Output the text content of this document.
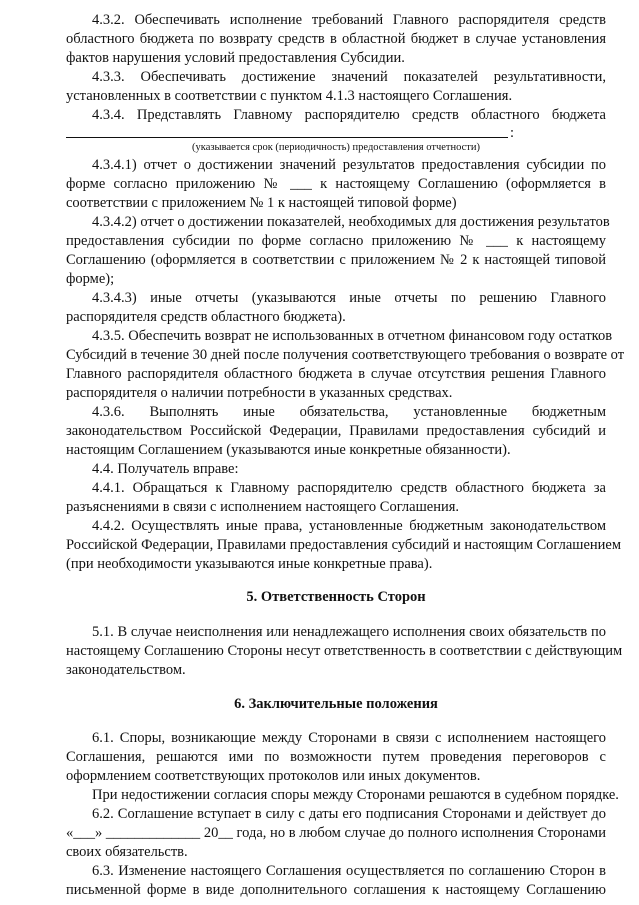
4.3.2. Обеспечивать исполнение требований Главного распорядителя средств
областного бюджета по возврату средств в областной бюджет в случае установления
фактов нарушения условий предоставления Субсидии.
4.3.3. Обеспечивать достижение значений показателей результативности,
установленных в соответствии с пунктом 4.1.3 настоящего Соглашения.
4.3.4. Представлять Главному распорядителю средств областного бюджета
:
(указывается срок (периодичность) предоставления отчетности)
4.3.4.1) отчет о достижении значений результатов предоставления субсидии по
форме согласно приложению № ___ к настоящему Соглашению (оформляется в
соответствии с приложением № 1 к настоящей типовой форме)
4.3.4.2) отчет о достижении показателей, необходимых для достижения результатов
предоставления субсидии по форме согласно приложению № ___ к настоящему
Соглашению (оформляется в соответствии с приложением № 2 к настоящей типовой
форме);
4.3.4.3) иные отчеты (указываются иные отчеты по решению Главного
распорядителя средств областного бюджета).
4.3.5. Обеспечить возврат не использованных в отчетном финансовом году остатков
Субсидий в течение 30 дней после получения соответствующего требования о возврате от
Главного распорядителя областного бюджета в случае отсутствия решения Главного
распорядителя о наличии потребности в указанных средствах.
4.3.6. Выполнять иные обязательства, установленные бюджетным
законодательством Российской Федерации, Правилами предоставления субсидий и
настоящим Соглашением (указываются иные конкретные обязанности).
4.4. Получатель вправе:
4.4.1. Обращаться к Главному распорядителю средств областного бюджета за
разъяснениями в связи с исполнением настоящего Соглашения.
4.4.2. Осуществлять иные права, установленные бюджетным законодательством
Российской Федерации, Правилами предоставления субсидий и настоящим Соглашением
(при необходимости указываются иные конкретные права).
5. Ответственность Сторон
5.1. В случае неисполнения или ненадлежащего исполнения своих обязательств по
настоящему Соглашению Стороны несут ответственность в соответствии с действующим
законодательством.
6. Заключительные положения
6.1. Споры, возникающие между Сторонами в связи с исполнением настоящего
Соглашения, решаются ими по возможности путем проведения переговоров с
оформлением соответствующих протоколов или иных документов.
При недостижении согласия споры между Сторонами решаются в судебном порядке.
6.2. Соглашение вступает в силу с даты его подписания Сторонами и действует до
«___» _____________ 20__ года, но в любом случае до полного исполнения Сторонами
своих обязательств.
6.3. Изменение настоящего Соглашения осуществляется по соглашению Сторон в
письменной форме в виде дополнительного соглашения к настоящему Соглашению
